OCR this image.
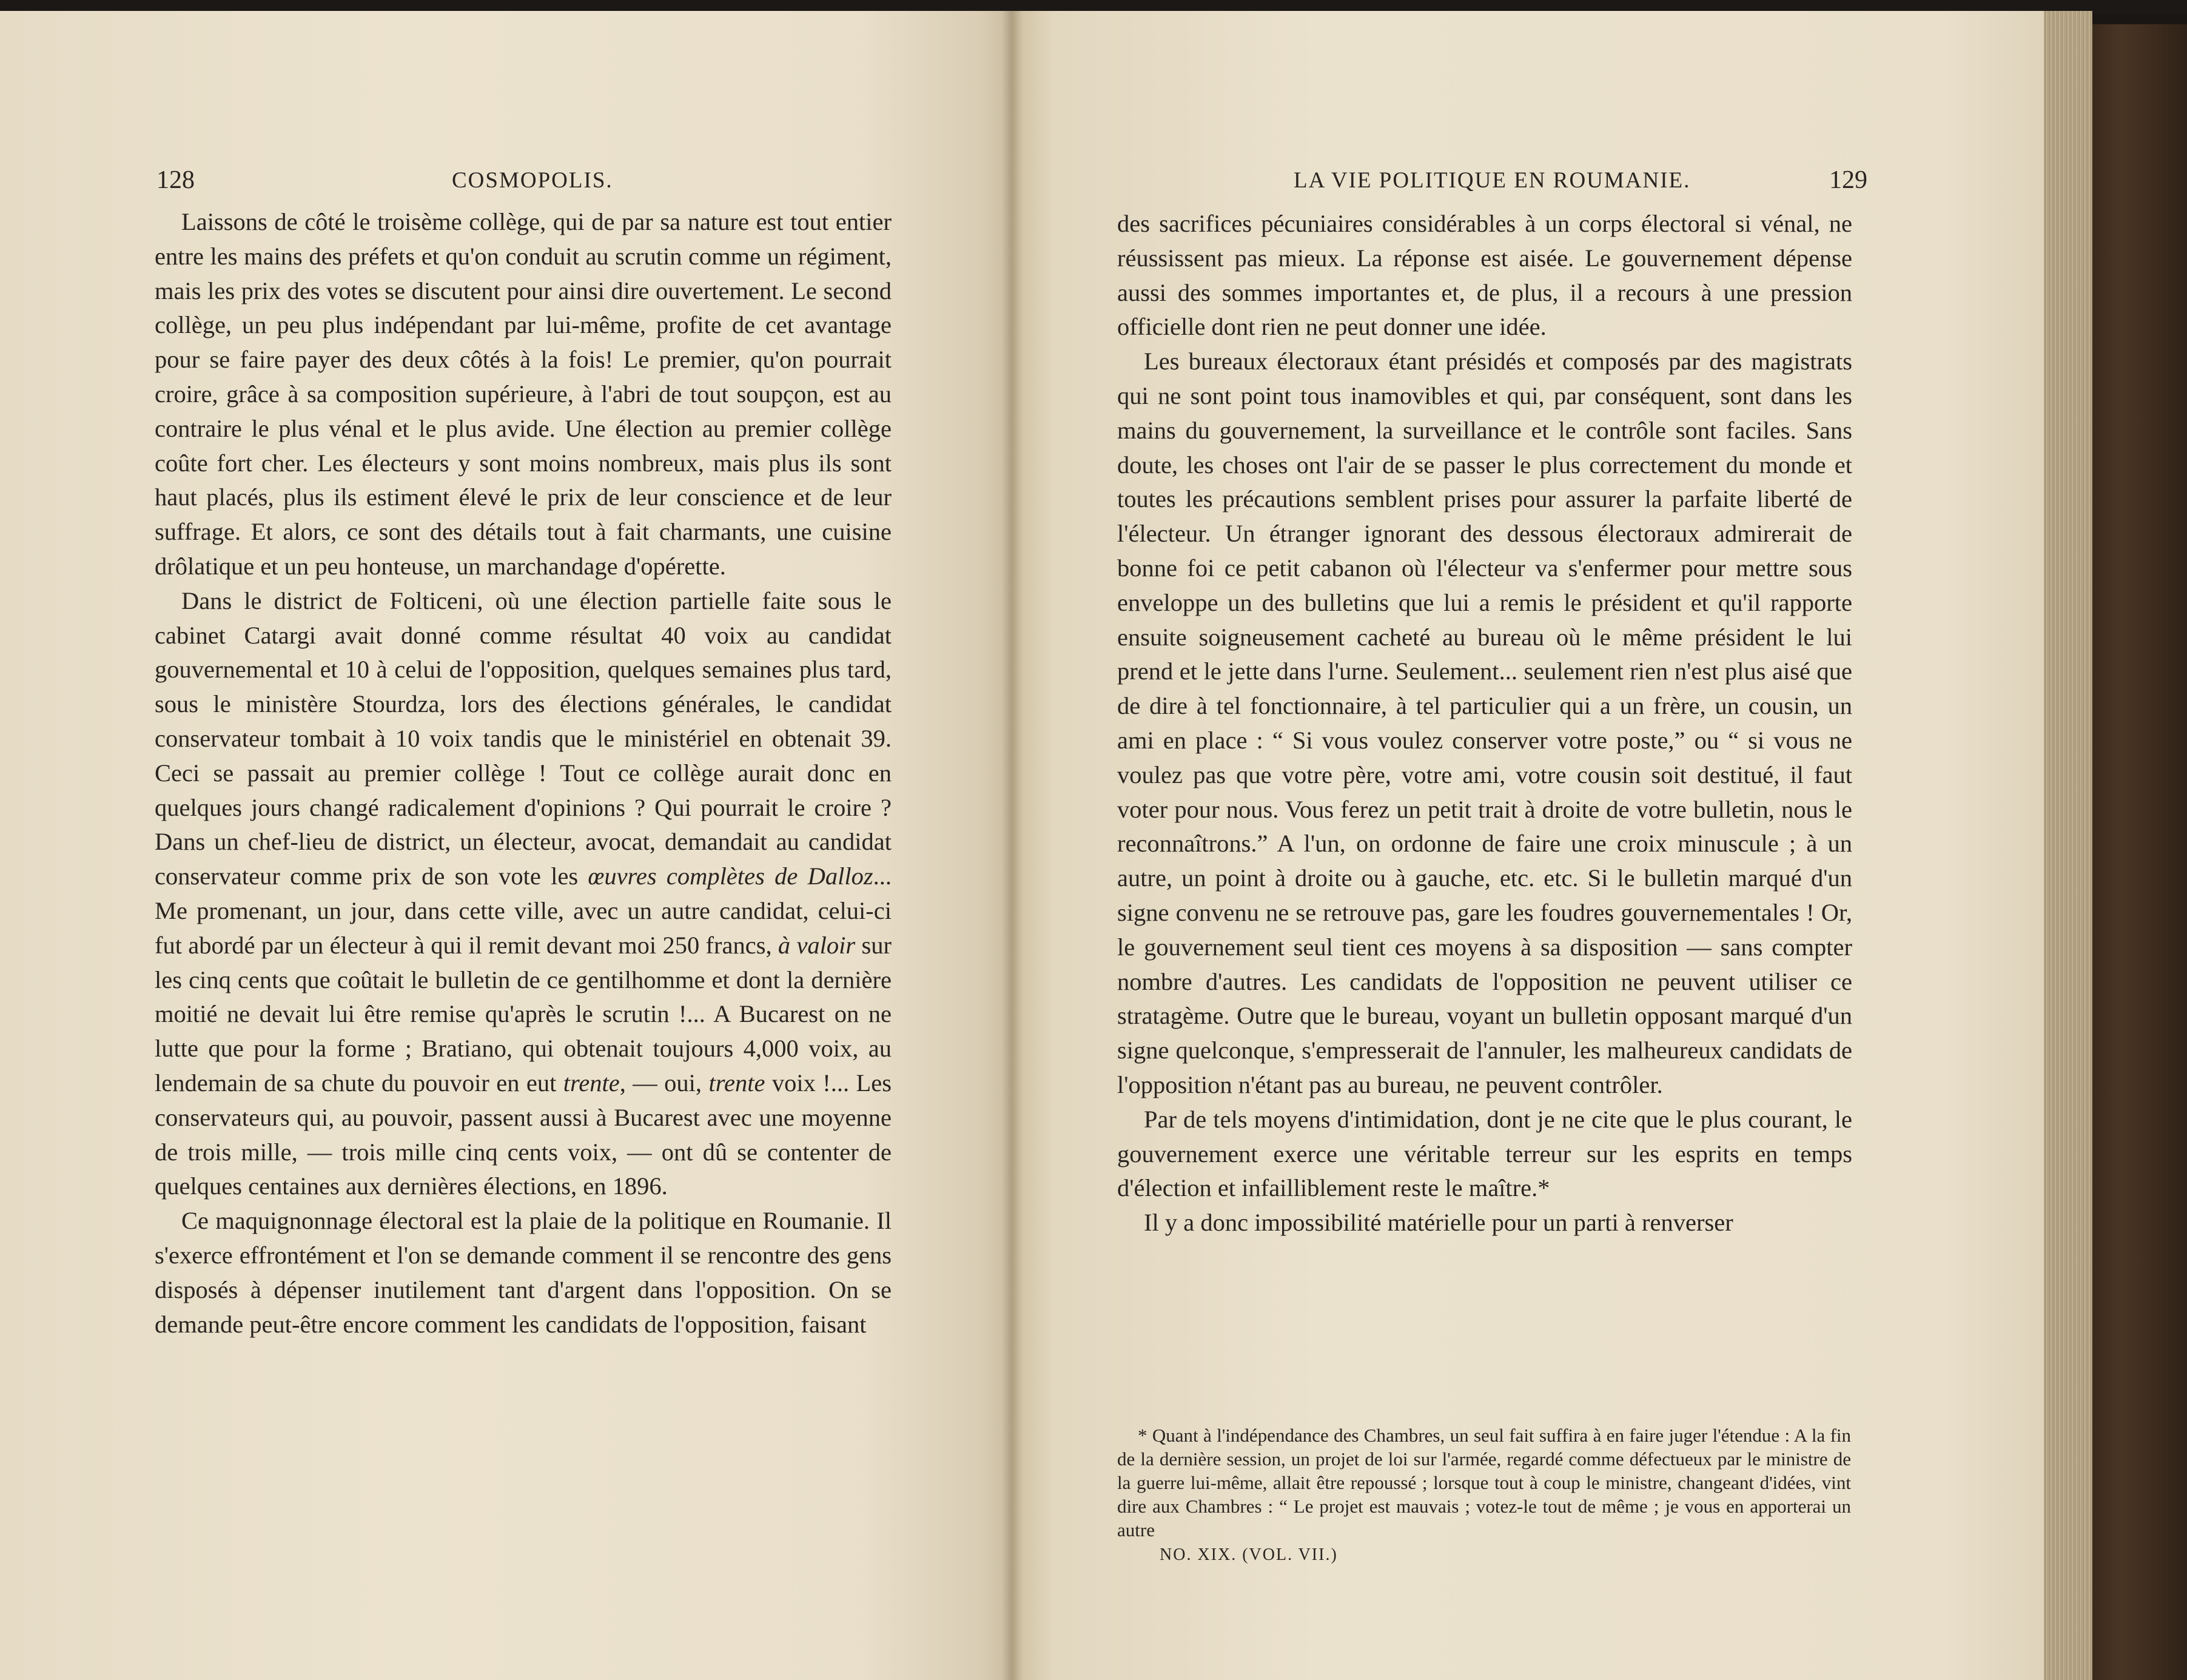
128	COSMOPOLIS.

Laissons de côté le troisème collège, qui de par sa nature est tout entier entre les mains des préfets et qu'on conduit au scrutin comme un régiment, mais les prix des votes se discutent pour ainsi dire ouvertement. Le second collège, un peu plus indépendant par lui-même, profite de cet avantage pour se faire payer des deux côtés à la fois! Le premier, qu'on pourrait croire, grâce à sa composition supérieure, à l'abri de tout soupçon, est au contraire le plus vénal et le plus avide. Une élection au premier collège coûte fort cher. Les électeurs y sont moins nombreux, mais plus ils sont haut placés, plus ils estiment élevé le prix de leur conscience et de leur suffrage. Et alors, ce sont des détails tout à fait charmants, une cuisine drôlatique et un peu honteuse, un marchandage d'opérette.

Dans le district de Folticeni, où une élection partielle faite sous le cabinet Catargi avait donné comme résultat 40 voix au candidat gouvernemental et 10 à celui de l'opposition, quelques semaines plus tard, sous le ministère Stourdza, lors des élections générales, le candidat conservateur tombait à 10 voix tandis que le ministériel en obtenait 39. Ceci se passait au premier collège ! Tout ce collège aurait donc en quelques jours changé radicalement d'opinions ? Qui pourrait le croire ? Dans un chef-lieu de district, un électeur, avocat, demandait au candidat conservateur comme prix de son vote les œuvres complètes de Dalloz... Me promenant, un jour, dans cette ville, avec un autre candidat, celui-ci fut abordé par un électeur à qui il remit devant moi 250 francs, à valoir sur les cinq cents que coûtait le bulletin de ce gentilhomme et dont la dernière moitié ne devait lui être remise qu'après le scrutin !... A Bucarest on ne lutte que pour la forme ; Bratiano, qui obtenait toujours 4,000 voix, au lendemain de sa chute du pouvoir en eut trente, — oui, trente voix !... Les conservateurs qui, au pouvoir, passent aussi à Bucarest avec une moyenne de trois mille, — trois mille cinq cents voix, — ont dû se contenter de quelques centaines aux dernières élections, en 1896.

Ce maquignonnage électoral est la plaie de la politique en Roumanie. Il s'exerce effrontément et l'on se demande comment il se rencontre des gens disposés à dépenser inutilement tant d'argent dans l'opposition. On se demande peut-être encore comment les candidats de l'opposition, faisant

LA VIE POLITIQUE EN ROUMANIE.	129

des sacrifices pécuniaires considérables à un corps électoral si vénal, ne réussissent pas mieux. La réponse est aisée. Le gouvernement dépense aussi des sommes importantes et, de plus, il a recours à une pression officielle dont rien ne peut donner une idée.

Les bureaux électoraux étant présidés et composés par des magistrats qui ne sont point tous inamovibles et qui, par conséquent, sont dans les mains du gouvernement, la surveillance et le contrôle sont faciles. Sans doute, les choses ont l'air de se passer le plus correctement du monde et toutes les précautions semblent prises pour assurer la parfaite liberté de l'électeur. Un étranger ignorant des dessous électoraux admirerait de bonne foi ce petit cabanon où l'électeur va s'enfermer pour mettre sous enveloppe un des bulletins que lui a remis le président et qu'il rapporte ensuite soigneusement cacheté au bureau où le même président le lui prend et le jette dans l'urne. Seulement... seulement rien n'est plus aisé que de dire à tel fonctionnaire, à tel particulier qui a un frère, un cousin, un ami en place : “ Si vous voulez conserver votre poste,” ou “ si vous ne voulez pas que votre père, votre ami, votre cousin soit destitué, il faut voter pour nous. Vous ferez un petit trait à droite de votre bulletin, nous le reconnaîtrons.” A l'un, on ordonne de faire une croix minuscule ; à un autre, un point à droite ou à gauche, etc. etc. Si le bulletin marqué d'un signe convenu ne se retrouve pas, gare les foudres gouvernementales ! Or, le gouvernement seul tient ces moyens à sa disposition — sans compter nombre d'autres. Les candidats de l'opposition ne peuvent utiliser ce stratagème. Outre que le bureau, voyant un bulletin opposant marqué d'un signe quelconque, s'empresserait de l'annuler, les malheureux candidats de l'opposition n'étant pas au bureau, ne peuvent contrôler.

Par de tels moyens d'intimidation, dont je ne cite que le plus courant, le gouvernement exerce une véritable terreur sur les esprits en temps d'élection et infailliblement reste le maître.*

Il y a donc impossibilité matérielle pour un parti à renverser

* Quant à l'indépendance des Chambres, un seul fait suffira à en faire juger l'étendue : A la fin de la dernière session, un projet de loi sur l'armée, regardé comme défectueux par le ministre de la guerre lui-même, allait être repoussé ; lorsque tout à coup le ministre, changeant d'idées, vint dire aux Chambres : “ Le projet est mauvais ; votez-le tout de même ; je vous en apporterai un autre

NO. XIX. (VOL. VII.)
